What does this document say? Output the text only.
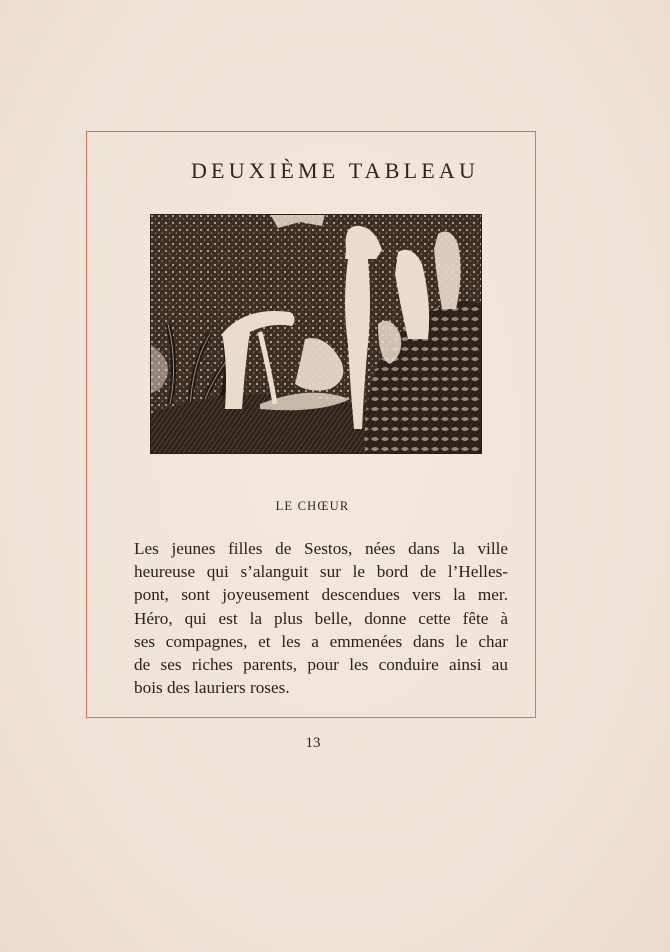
DEUXIÈME TABLEAU
LE CHŒUR
Les jeunes filles de Sestos, nées dans la ville
heureuse qui s’alanguit sur le bord de l’Helles-
pont, sont joyeusement descendues vers la mer.
Héro, qui est la plus belle, donne cette fête à
ses compagnes, et les a emmenées dans le char
de ses riches parents, pour les conduire ainsi au
bois des lauriers roses.

13
